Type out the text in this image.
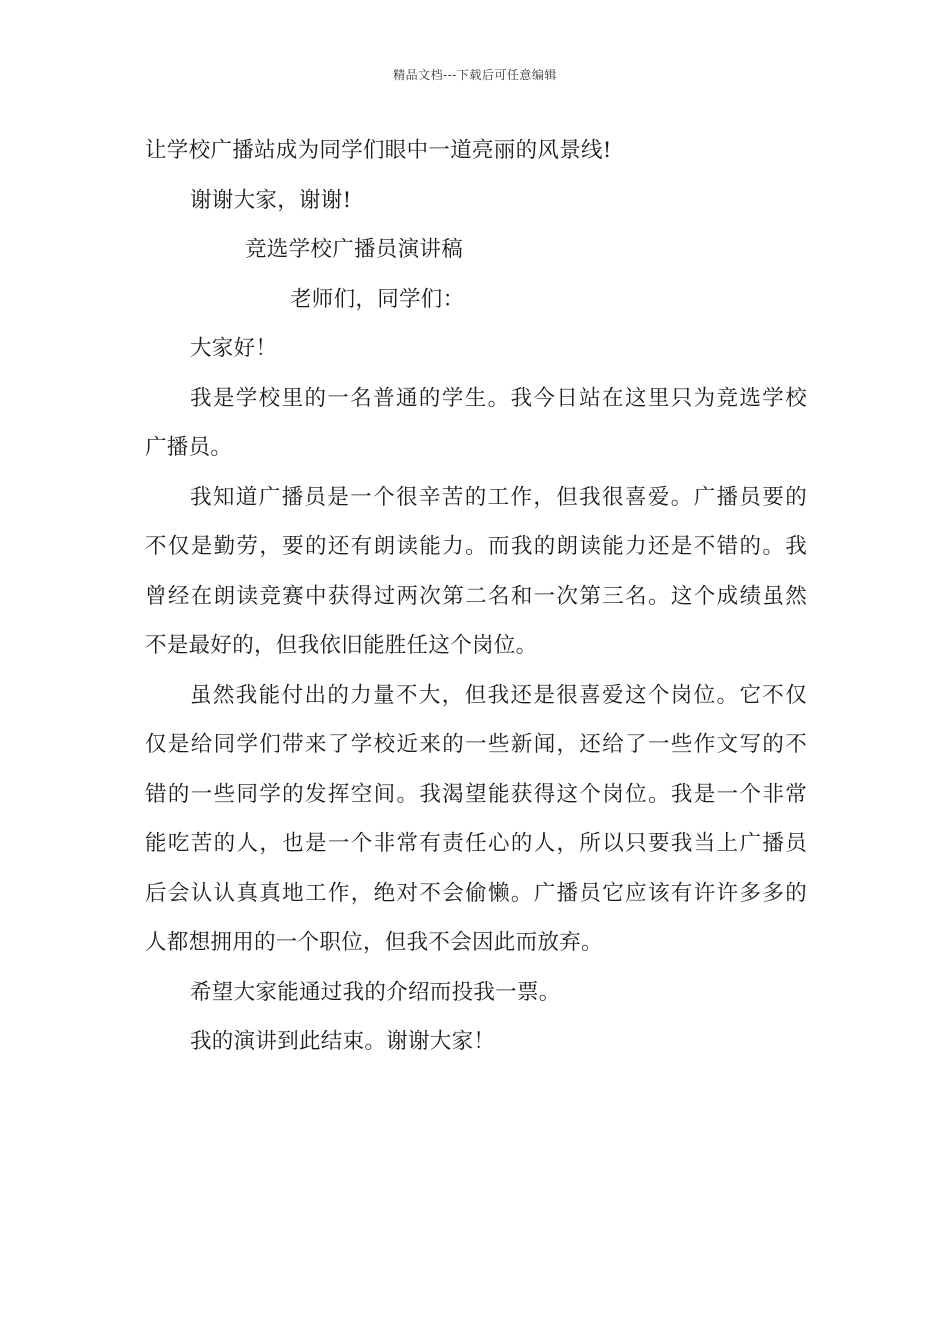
精品文档---下载后可任意编辑
让学校广播站成为同学们眼中一道亮丽的风景线!
谢谢大家，谢谢!
竞选学校广播员演讲稿
老师们，同学们：
大家好！
我是学校里的一名普通的学生。我今日站在这里只为竞选学校
广播员。
我知道广播员是一个很辛苦的工作，但我很喜爱。广播员要的
不仅是勤劳，要的还有朗读能力。而我的朗读能力还是不错的。我
曾经在朗读竞赛中获得过两次第二名和一次第三名。这个成绩虽然
不是最好的，但我依旧能胜任这个岗位。
虽然我能付出的力量不大，但我还是很喜爱这个岗位。它不仅
仅是给同学们带来了学校近来的一些新闻，还给了一些作文写的不
错的一些同学的发挥空间。我渴望能获得这个岗位。我是一个非常
能吃苦的人，也是一个非常有责任心的人，所以只要我当上广播员
后会认认真真地工作，绝对不会偷懒。广播员它应该有许许多多的
人都想拥用的一个职位，但我不会因此而放弃。
希望大家能通过我的介绍而投我一票。
我的演讲到此结束。谢谢大家！
